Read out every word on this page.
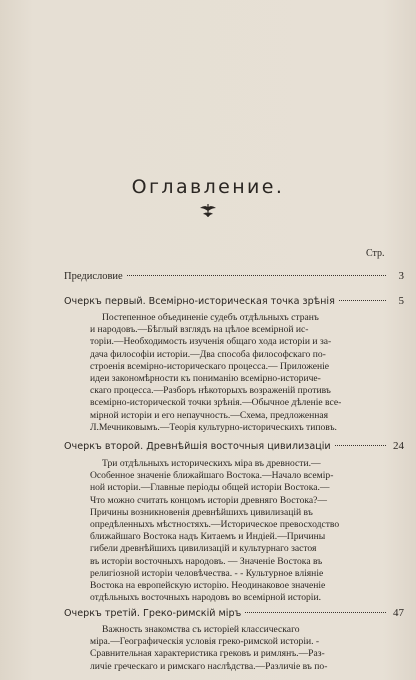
Оглавление.
Стр.
Предисловие	3
Очеркъ первый. Всемірно-историческая точка зрѣнія	5
Постепенное объединеніе судебъ отдѣльныхъ странъ
и народовъ.—Бѣглый взглядъ на цѣлое всемірной ис-
торіи.—Необходимость изученія общаго хода исторіи и за-
дача философіи исторіи.—Два способа философскаго по-
строенія всемірно-историческаго процесса.— Приложеніе
идеи закономѣрности къ пониманію всемірно-историче-
скаго процесса.—Разборъ нѣкоторыхъ возраженій противъ
всемірно-исторической точки зрѣнія.—Обычное дѣленіе все-
мірной исторіи и его непаучность.—Схема, предложенная
Л.Мечниковымъ.—Теорія культурно-историческихъ типовъ.
Очеркъ второй. Древнѣйшія восточныя цивилизаціи	24
Три отдѣльныхъ историческихъ міра въ древности.—
Особенное значеніе ближайшаго Востока.—Начало всемір-
ной исторіи.—Главные періоды общей исторіи Востока.—
Что можно считать концомъ исторіи древняго Востока?—
Причины возникновенія древнѣйшихъ цивилизацій въ
опредѣленныхъ мѣстностяхъ.—Историческое превосходство
ближайшаго Востока надъ Китаемъ и Индіей.—Причины
гибели древнѣйшихъ цивилизацій и культурнаго застоя
въ исторіи восточныхъ народовъ. — Значеніе Востока въ
религіозной исторіи человѣчества. - - Культурное вліяніе
Востока на европейскую исторію. Неодинаковое значеніе
отдѣльныхъ восточныхъ народовъ во всемірной исторіи.
Очеркъ третій. Греко-римскій міръ	47
Важность знакомства съ исторіей классическаго
міра.—Географическія условія греко-римской исторіи. -
Сравнительная характеристика грековъ и римлянъ.—Раз-
личіе греческаго и римскаго наслѣдства.—Различіе въ по-
